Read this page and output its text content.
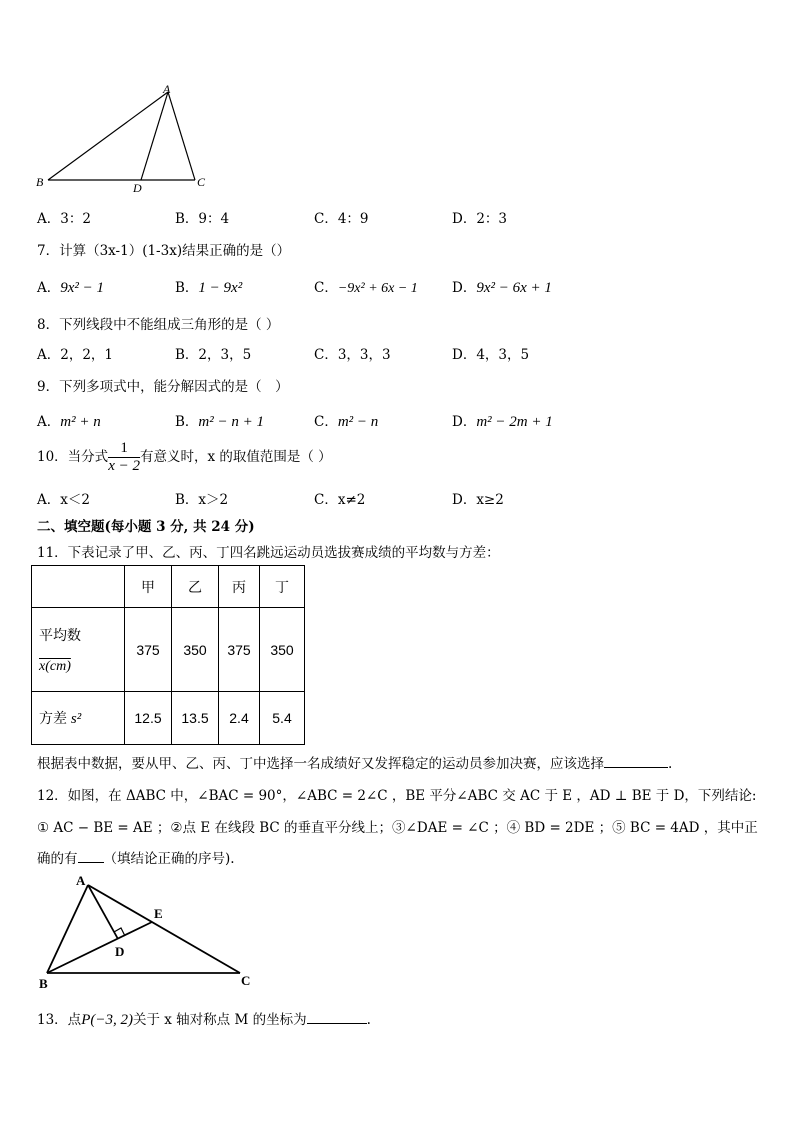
A
B	D	C
A．3：2	B．9：4	C．4：9	D．2：3
7．计算（3x-1）(1-3x)结果正确的是（）
A．9x² − 1	B．1 − 9x²	C．−9x² + 6x − 1	D．9x² − 6x + 1
8．下列线段中不能组成三角形的是（ ）
A．2，2，1	B．2，3，5	C．3，3，3	D．4，3，5
9．下列多项式中，能分解因式的是（　）
A．m² + n	B．m² − n + 1	C．m² − n	D．m² − 2m + 1
10．当分式 $\frac{1}{x - 2}$ 有意义时，x 的取值范围是（ ）
A．x＜2	B．x＞2	C．x≠2	D．x≥2
二、填空题(每小题 3 分, 共 24 分)
11．下表记录了甲、乙、丙、丁四名跳远运动员选拔赛成绩的平均数与方差：
	甲	乙	丙	丁

平均数
x(cm)	375	350	375	350
方差 s²	12.5	13.5	2.4	5.4
根据表中数据，要从甲、乙、丙、丁中选择一名成绩好又发挥稳定的运动员参加决赛，应该选择	.
12．如图，在 ΔABC 中，∠BAC = 90°，∠ABC = 2∠C ，BE 平分∠ABC 交 AC 于 E ，AD ⊥ BE 于 D，下列结论:
① AC − BE = AE ；②点 E 在线段 BC 的垂直平分线上；③∠DAE = ∠C ；④ BD = 2DE ；⑤ BC = 4AD ，其中正
确的有 （填结论正确的序号).
A
E
D
B	C
13．点P(−3, 2)关于 x 轴对称点 M 的坐标为	.
